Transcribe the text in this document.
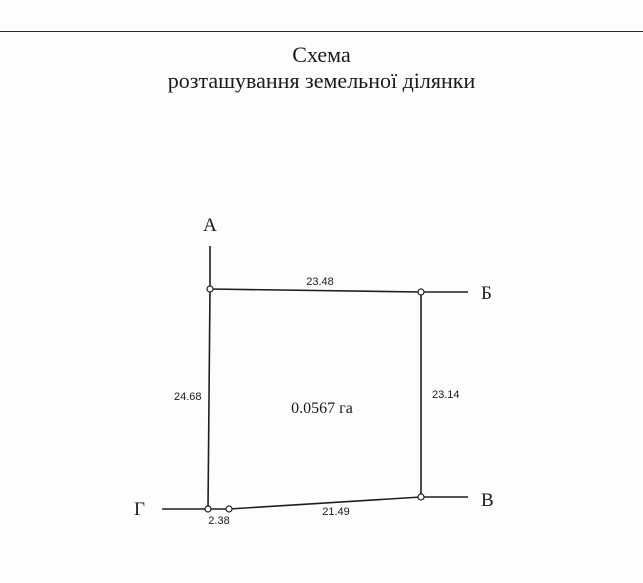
Схема
розташування земельної ділянки
А
Б
В
Г
23.48
23.14
24.68
21.49
2.38
0.0567 га
